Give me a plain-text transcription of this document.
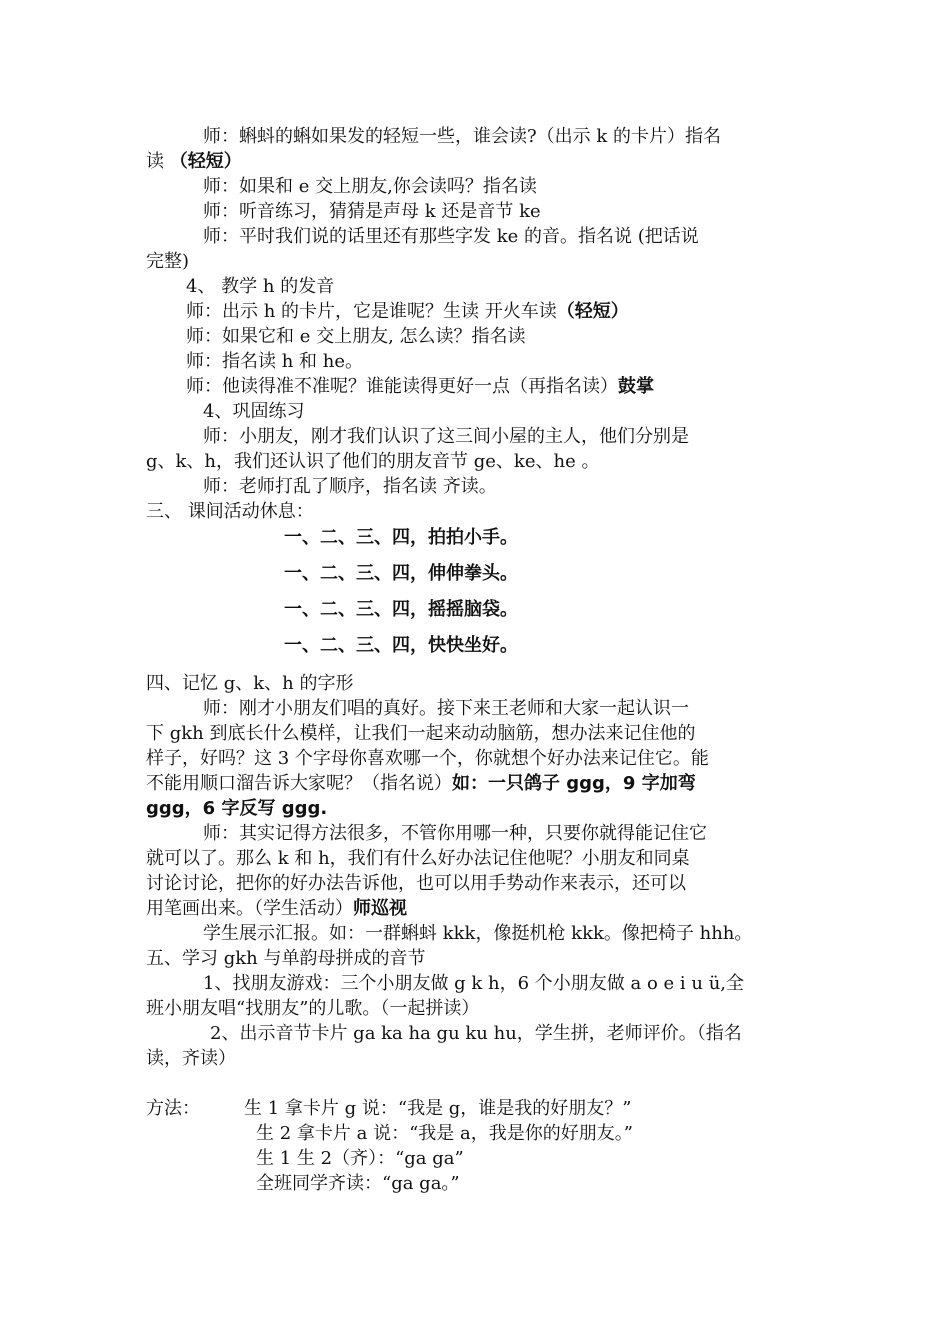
师：蝌蚪的蝌如果发的轻短一些，谁会读?（出示 k 的卡片）指名

读 （轻短）

师：如果和 e 交上朋友,你会读吗？指名读

师：听音练习，猜猜是声母 k 还是音节 ke

师：平时我们说的话里还有那些字发 ke 的音。指名说 (把话说

完整)

4、 教学 h 的发音

师：出示 h 的卡片，它是谁呢？生读 开火车读（轻短）

师：如果它和 e 交上朋友, 怎么读？指名读

师：指名读 h 和 he。

师：他读得准不准呢？谁能读得更好一点（再指名读）鼓掌

4、巩固练习

师：小朋友，刚才我们认识了这三间小屋的主人，他们分别是

g、k、h，我们还认识了他们的朋友音节 ge、ke、he 。

师：老师打乱了顺序，指名读 齐读。

三、 课间活动休息：

一、二、三、四，拍拍小手。

一、二、三、四，伸伸拳头。

一、二、三、四，摇摇脑袋。

一、二、三、四，快快坐好。

四、记忆 g、k、h 的字形

师：刚才小朋友们唱的真好。接下来王老师和大家一起认识一

下 gkh 到底长什么模样，让我们一起来动动脑筋，想办法来记住他的

样子，好吗？这 3 个字母你喜欢哪一个，你就想个好办法来记住它。能

不能用顺口溜告诉大家呢？（指名说）如：一只鸽子 ggg，9 字加弯

ggg，6 字反写 ggg.

师：其实记得方法很多，不管你用哪一种，只要你就得能记住它

就可以了。那么 k 和 h，我们有什么好办法记住他呢？小朋友和同桌

讨论讨论，把你的好办法告诉他，也可以用手势动作来表示，还可以

用笔画出来。（学生活动）师巡视

学生展示汇报。如：一群蝌蚪 kkk，像挺机枪 kkk。像把椅子 hhh。

五、学习 gkh 与单韵母拼成的音节

1、找朋友游戏：三个小朋友做 g k h，6 个小朋友做 a o e i u ü,全

班小朋友唱“找朋友”的儿歌。（一起拼读）

2、出示音节卡片 ga ka ha gu ku hu，学生拼，老师评价。（指名

读，齐读）

方法：	生 1 拿卡片 g 说：“我是 g，谁是我的好朋友？”

生 2 拿卡片 a 说：“我是 a，我是你的好朋友。”

生 1 生 2（齐）：“ga ga”

全班同学齐读：“ga ga。”
